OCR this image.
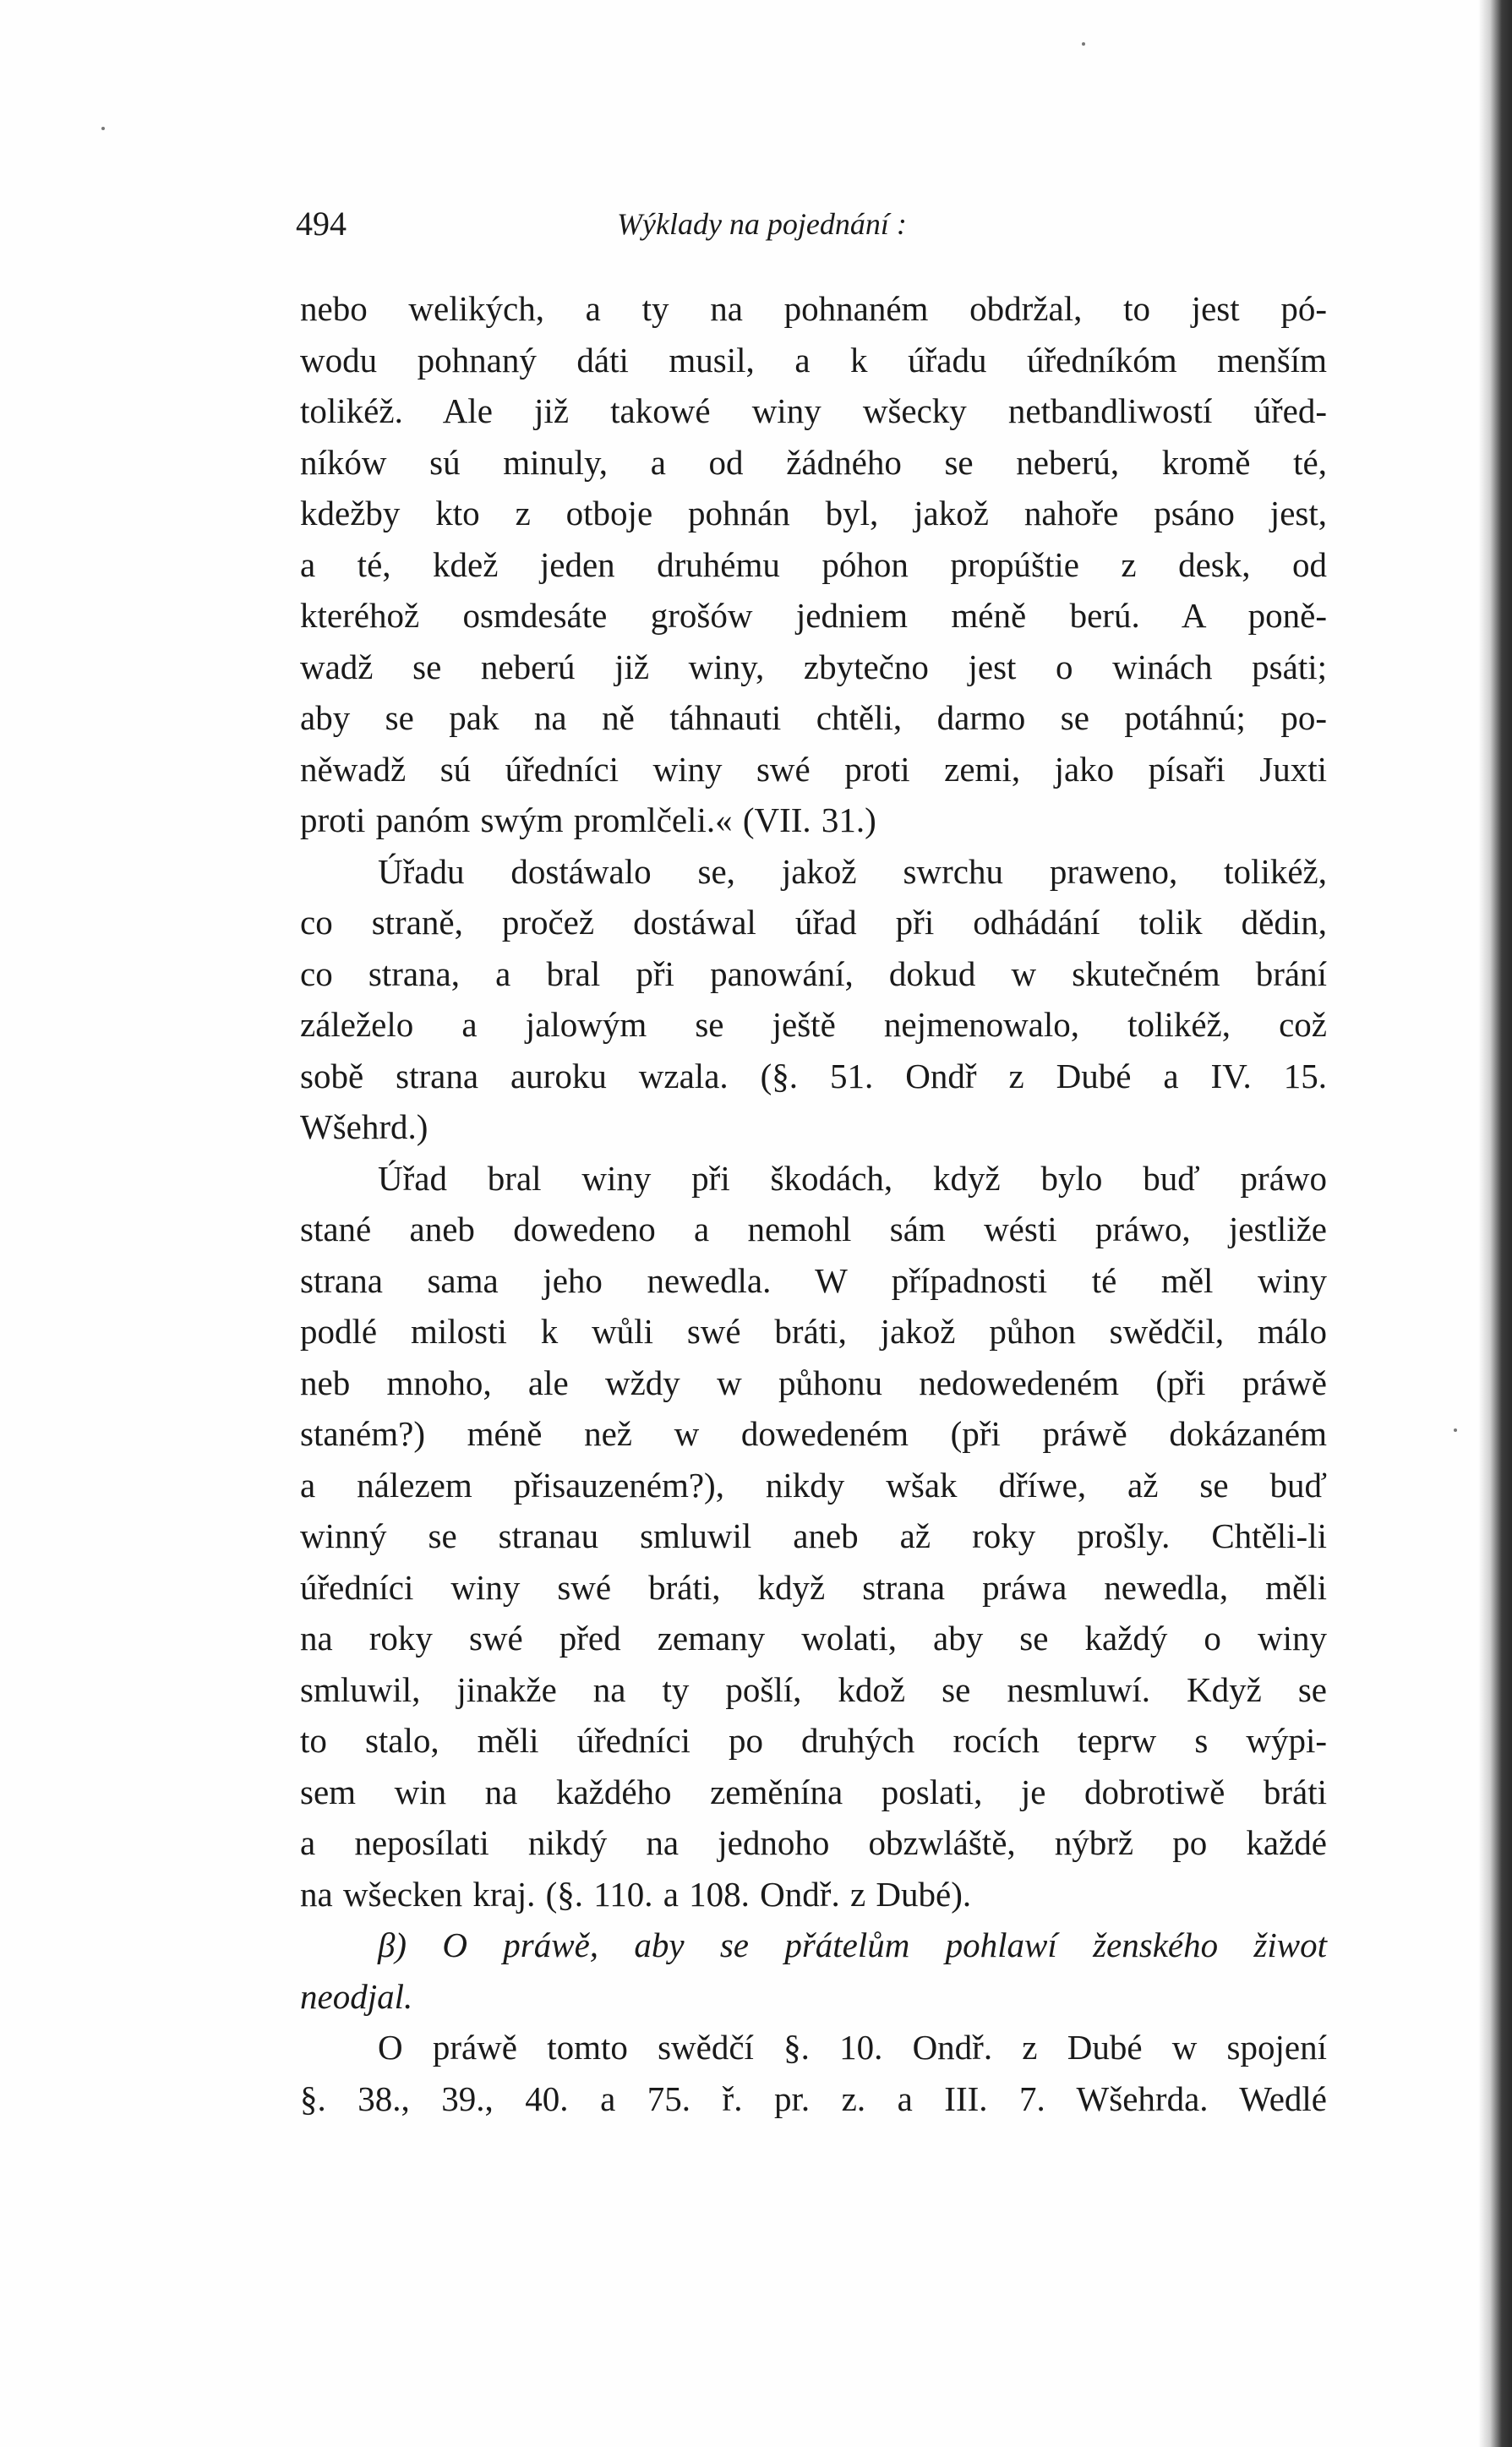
494	Wýklady na pojednání :
nebo welikých, a ty na pohnaném obdržal, to jest pó-
wodu pohnaný dáti musil, a k úřadu úředníkóm menším
tolikéž. Ale již takowé winy wšecky netbandliwostí úřed-
níków sú minuly, a od žádného se neberú, kromě té,
kdežby kto z otboje pohnán byl, jakož nahoře psáno jest,
a té, kdež jeden druhému póhon propúštie z desk, od
kteréhož osmdesáte grošów jedniem méně berú. A poně-
wadž se neberú již winy, zbytečno jest o winách psáti;
aby se pak na ně táhnauti chtěli, darmo se potáhnú; po-
něwadž sú úředníci winy swé proti zemi, jako písaři Juxti
proti panóm swým promlčeli.« (VII. 31.)
Úřadu dostáwalo se, jakož swrchu praweno, tolikéž,
co straně, pročež dostáwal úřad při odhádání tolik dědin,
co strana, a bral při panowání, dokud w skutečném brání
záleželo a jalowým se ještě nejmenowalo, tolikéž, což
sobě strana auroku wzala. (§. 51. Ondř z Dubé a IV. 15.
Wšehrd.)
Úřad bral winy při škodách, když bylo buď práwo
stané aneb dowedeno a nemohl sám wésti práwo, jestliže
strana sama jeho newedla. W případnosti té měl winy
podlé milosti k wůli swé bráti, jakož půhon swědčil, málo
neb mnoho, ale wždy w půhonu nedowedeném (při práwě
staném?) méně než w dowedeném (při práwě dokázaném
a nálezem přisauzeném?), nikdy wšak dříwe, až se buď
winný se stranau smluwil aneb až roky prošly. Chtěli-li
úředníci winy swé bráti, když strana práwa newedla, měli
na roky swé před zemany wolati, aby se každý o winy
smluwil, jinakže na ty pošlí, kdož se nesmluwí. Když se
to stalo, měli úředníci po druhých rocích teprw s wýpi-
sem win na každého zeměnína poslati, je dobrotiwě bráti
a neposílati nikdý na jednoho obzwláště, nýbrž po každé
na wšecken kraj. (§. 110. a 108. Ondř. z Dubé).
β) O práwě, aby se přátelům pohlawí ženského žiwot
neodjal.
O práwě tomto swědčí §. 10. Ondř. z Dubé w spojení
§. 38., 39., 40. a 75. ř. pr. z. a III. 7. Wšehrda. Wedlé
